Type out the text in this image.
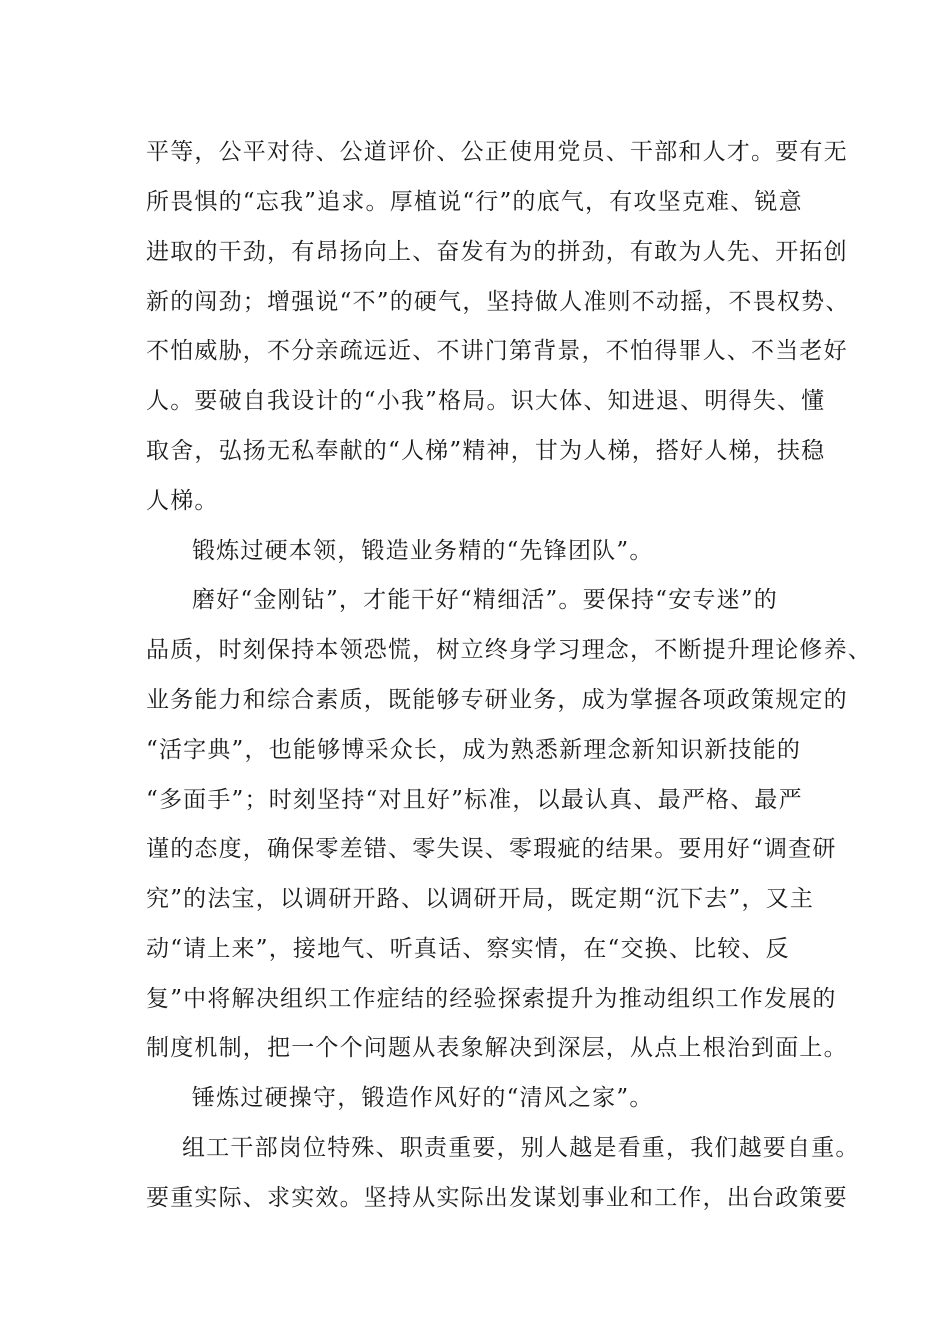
平等，公平对待、公道评价、公正使用党员、干部和人才。要有无
所畏惧的“忘我”追求。厚植说“行”的底气，有攻坚克难、锐意
进取的干劲，有昂扬向上、奋发有为的拼劲，有敢为人先、开拓创
新的闯劲；增强说“不”的硬气，坚持做人准则不动摇，不畏权势、
不怕威胁，不分亲疏远近、不讲门第背景，不怕得罪人、不当老好
人。要破自我设计的“小我”格局。识大体、知进退、明得失、懂
取舍，弘扬无私奉献的“人梯”精神，甘为人梯，搭好人梯，扶稳
人梯。
锻炼过硬本领，锻造业务精的“先锋团队”。
磨好“金刚钻”，才能干好“精细活”。要保持“安专迷”的
品质，时刻保持本领恐慌，树立终身学习理念，不断提升理论修养、
业务能力和综合素质，既能够专研业务，成为掌握各项政策规定的
“活字典”，也能够博采众长，成为熟悉新理念新知识新技能的
“多面手”；时刻坚持“对且好”标准，以最认真、最严格、最严
谨的态度，确保零差错、零失误、零瑕疵的结果。要用好“调查研
究”的法宝，以调研开路、以调研开局，既定期“沉下去”，又主
动“请上来”，接地气、听真话、察实情，在“交换、比较、反
复”中将解决组织工作症结的经验探索提升为推动组织工作发展的
制度机制，把一个个问题从表象解决到深层，从点上根治到面上。
锤炼过硬操守，锻造作风好的“清风之家”。
组工干部岗位特殊、职责重要，别人越是看重，我们越要自重。
要重实际、求实效。坚持从实际出发谋划事业和工作，出台政策要
